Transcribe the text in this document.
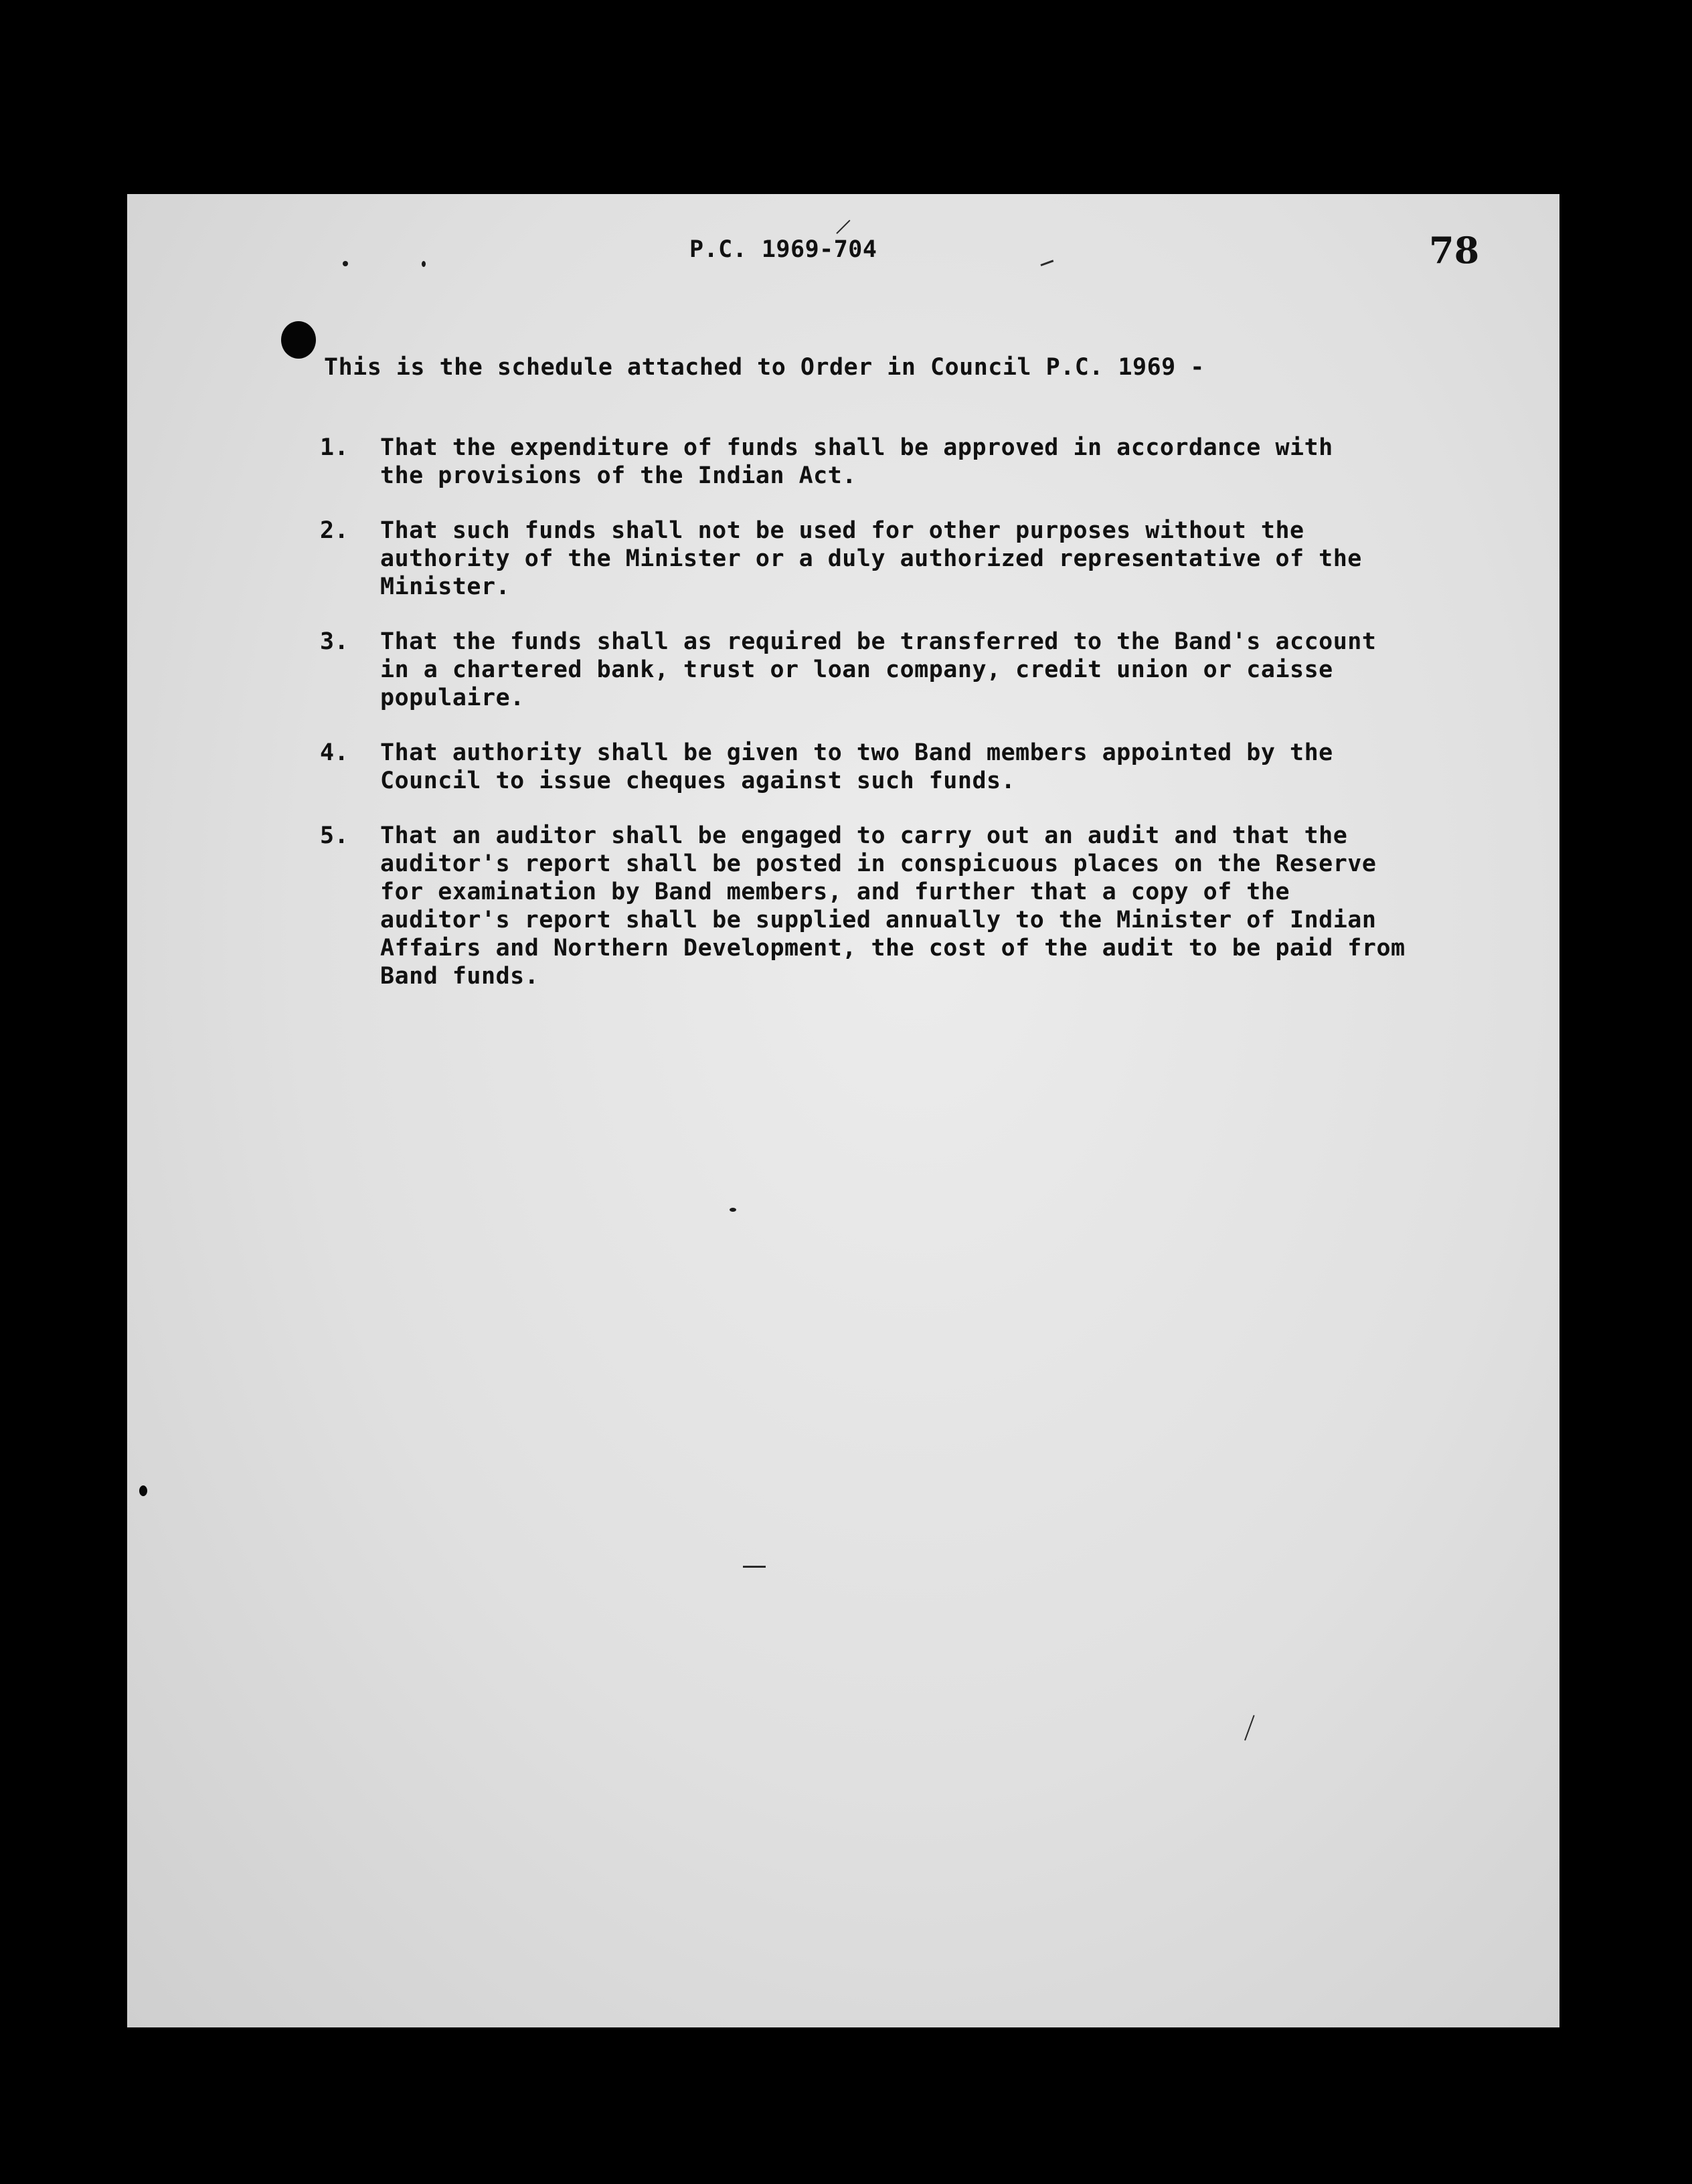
P.C. 1969-704	78
This is the schedule attached to Order in Council P.C. 1969 -
1.	That the expenditure of funds shall be approved in accordance with
the provisions of the Indian Act.
2.	That such funds shall not be used for other purposes without the
authority of the Minister or a duly authorized representative of the
Minister.
3.	That the funds shall as required be transferred to the Band's account
in a chartered bank, trust or loan company, credit union or caisse
populaire.
4.	That authority shall be given to two Band members appointed by the
Council to issue cheques against such funds.
5.	That an auditor shall be engaged to carry out an audit and that the
auditor's report shall be posted in conspicuous places on the Reserve
for examination by Band members, and further that a copy of the
auditor's report shall be supplied annually to the Minister of Indian
Affairs and Northern Development, the cost of the audit to be paid from
Band funds.
